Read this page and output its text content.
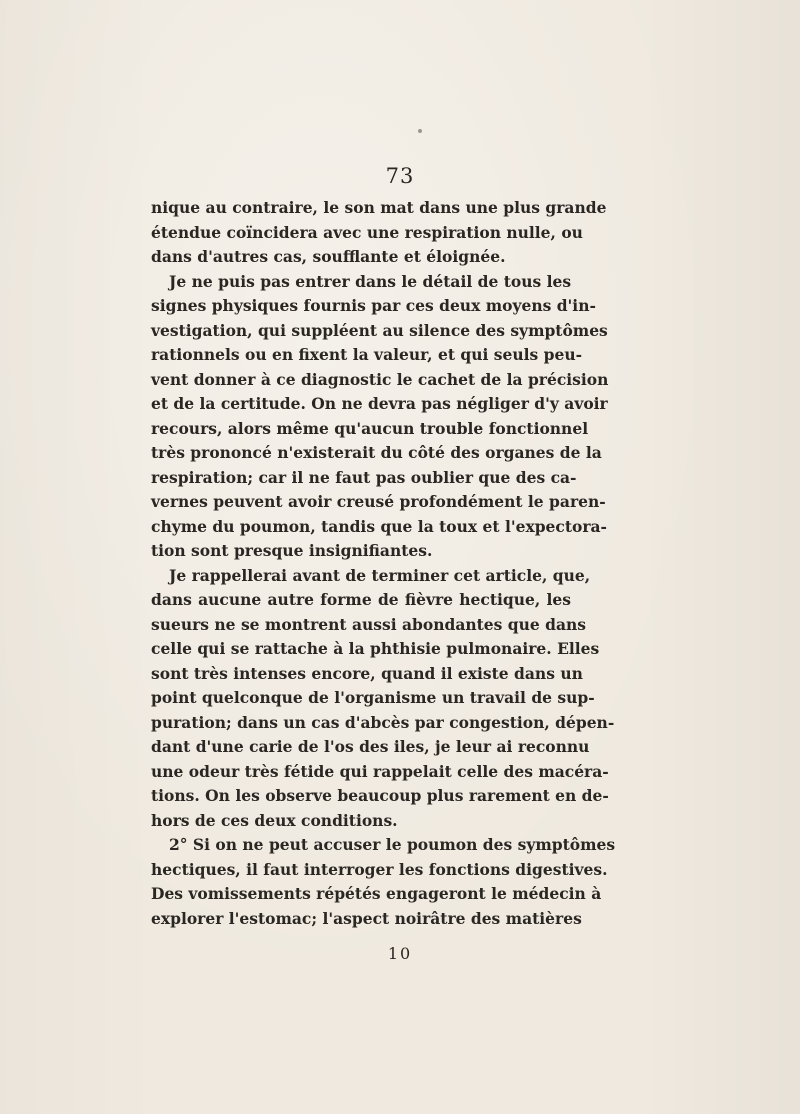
73
nique au contraire, le son mat dans une plus grande
étendue coïncidera avec une respiration nulle, ou
dans d'autres cas, soufflante et éloignée.
Je ne puis pas entrer dans le détail de tous les
signes physiques fournis par ces deux moyens d'in-
vestigation, qui suppléent au silence des symptômes
rationnels ou en fixent la valeur, et qui seuls peu-
vent donner à ce diagnostic le cachet de la précision
et de la certitude. On ne devra pas négliger d'y avoir
recours, alors même qu'aucun trouble fonctionnel
très prononcé n'existerait du côté des organes de la
respiration; car il ne faut pas oublier que des ca-
vernes peuvent avoir creusé profondément le paren-
chyme du poumon, tandis que la toux et l'expectora-
tion sont presque insignifiantes.
Je rappellerai avant de terminer cet article, que,
dans aucune autre forme de fièvre hectique, les
sueurs ne se montrent aussi abondantes que dans
celle qui se rattache à la phthisie pulmonaire. Elles
sont très intenses encore, quand il existe dans un
point quelconque de l'organisme un travail de sup-
puration; dans un cas d'abcès par congestion, dépen-
dant d'une carie de l'os des iles, je leur ai reconnu
une odeur très fétide qui rappelait celle des macéra-
tions. On les observe beaucoup plus rarement en de-
hors de ces deux conditions.
2° Si on ne peut accuser le poumon des symptômes
hectiques, il faut interroger les fonctions digestives.
Des vomissements répétés engageront le médecin à
explorer l'estomac; l'aspect noirâtre des matières
10
